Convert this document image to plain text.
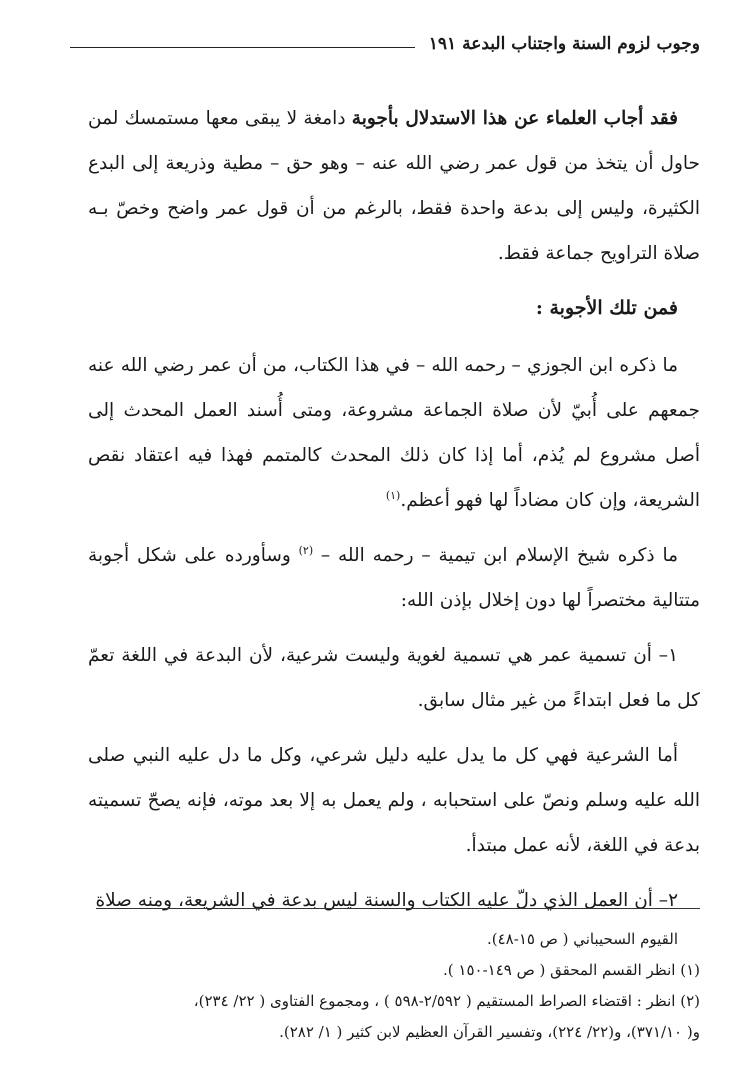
وجوب لزوم السنة واجتناب البدعة ١٩١

فقد أجاب العلماء عن هذا الاستدلال بأجوبة دامغة لا يبقى معها مستمسك لمن حاول أن يتخذ من قول عمر رضي الله عنه – وهو حق – مطية وذريعة إلى البدع الكثيرة، وليس إلى بدعة واحدة فقط، بالرغم من أن قول عمر واضح وخصّ بـه صلاة التراويح جماعة فقط.

فمن تلك الأجوبة :

ما ذكره ابن الجوزي – رحمه الله – في هذا الكتاب، من أن عمر رضي الله عنه جمعهم على أُبيّ لأن صلاة الجماعة مشروعة، ومتى أُسند العمل المحدث إلى أصل مشروع لم يُذم، أما إذا كان ذلك المحدث كالمتمم فهذا فيه اعتقاد نقص الشريعة، وإن كان مضاداً لها فهو أعظم.$^{(١)}$

ما ذكره شيخ الإسلام ابن تيمية – رحمه الله – $^{(٢)}$ وسأورده على شكل أجوبة متتالية مختصراً لها دون إخلال بإذن الله:

١– أن تسمية عمر هي تسمية لغوية وليست شرعية، لأن البدعة في اللغة تعمّ كل ما فعل ابتداءً من غير مثال سابق.

أما الشرعية فهي كل ما يدل عليه دليل شرعي، وكل ما دل عليه النبي صلى الله عليه وسلم ونصّ على استحبابه ، ولم يعمل به إلا بعد موته، فإنه يصحّ تسميته بدعة في اللغة، لأنه عمل مبتدأ.

٢– أن العمل الذي دلّ عليه الكتاب والسنة ليس بدعة في الشريعة، ومنه صلاة

القيوم السحيباني ( ص ١٥-٤٨).
(١) انظر القسم المحقق ( ص ١٤٩-١٥٠ ).
(٢) انظر : اقتضاء الصراط المستقيم ( ٢/٥٩٢-٥٩٨ ) ، ومجموع الفتاوى ( ٢٢/ ٢٣٤)،
و( ٣٧١/١٠)، و(٢٢/ ٢٢٤)، وتفسير القرآن العظيم لابن كثير ( ١/ ٢٨٢).
